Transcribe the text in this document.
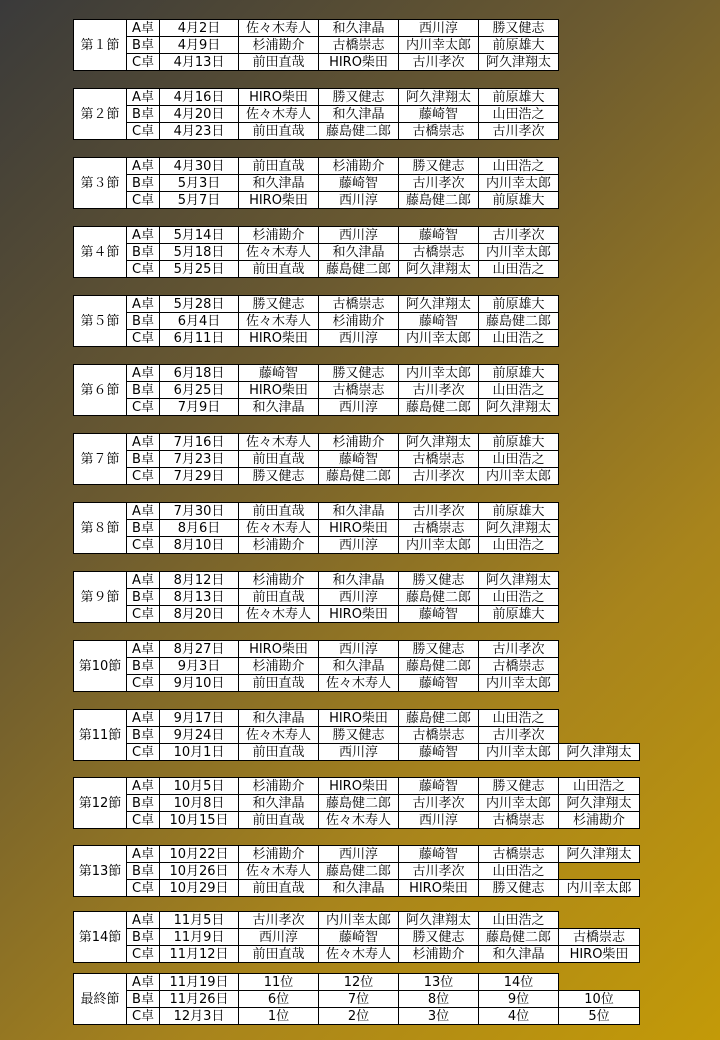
第１節
A卓	4月2日	佐々木寿人	和久津晶	西川淳	勝又健志
B卓	4月9日	杉浦勘介	古橋崇志	内川幸太郎	前原雄大
C卓	4月13日	前田直哉	HIRO柴田	古川孝次	阿久津翔太
第２節
A卓	4月16日	HIRO柴田	勝又健志	阿久津翔太	前原雄大
B卓	4月20日	佐々木寿人	和久津晶	藤崎智	山田浩之
C卓	4月23日	前田直哉	藤島健二郎	古橋崇志	古川孝次
第３節
A卓	4月30日	前田直哉	杉浦勘介	勝又健志	山田浩之
B卓	5月3日	和久津晶	藤崎智	古川孝次	内川幸太郎
C卓	5月7日	HIRO柴田	西川淳	藤島健二郎	前原雄大
第４節
A卓	5月14日	杉浦勘介	西川淳	藤崎智	古川孝次
B卓	5月18日	佐々木寿人	和久津晶	古橋崇志	内川幸太郎
C卓	5月25日	前田直哉	藤島健二郎	阿久津翔太	山田浩之
第５節
A卓	5月28日	勝又健志	古橋崇志	阿久津翔太	前原雄大
B卓	6月4日	佐々木寿人	杉浦勘介	藤崎智	藤島健二郎
C卓	6月11日	HIRO柴田	西川淳	内川幸太郎	山田浩之
第６節
A卓	6月18日	藤崎智	勝又健志	内川幸太郎	前原雄大
B卓	6月25日	HIRO柴田	古橋崇志	古川孝次	山田浩之
C卓	7月9日	和久津晶	西川淳	藤島健二郎	阿久津翔太
第７節
A卓	7月16日	佐々木寿人	杉浦勘介	阿久津翔太	前原雄大
B卓	7月23日	前田直哉	藤崎智	古橋崇志	山田浩之
C卓	7月29日	勝又健志	藤島健二郎	古川孝次	内川幸太郎
第８節
A卓	7月30日	前田直哉	和久津晶	古川孝次	前原雄大
B卓	8月6日	佐々木寿人	HIRO柴田	古橋崇志	阿久津翔太
C卓	8月10日	杉浦勘介	西川淳	内川幸太郎	山田浩之
第９節
A卓	8月12日	杉浦勘介	和久津晶	勝又健志	阿久津翔太
B卓	8月13日	前田直哉	西川淳	藤島健二郎	山田浩之
C卓	8月20日	佐々木寿人	HIRO柴田	藤崎智	前原雄大
第10節
A卓	8月27日	HIRO柴田	西川淳	勝又健志	古川孝次
B卓	9月3日	杉浦勘介	和久津晶	藤島健二郎	古橋崇志
C卓	9月10日	前田直哉	佐々木寿人	藤崎智	内川幸太郎
第11節
A卓	9月17日	和久津晶	HIRO柴田	藤島健二郎	山田浩之
B卓	9月24日	佐々木寿人	勝又健志	古橋崇志	古川孝次
C卓	10月1日	前田直哉	西川淳	藤崎智	内川幸太郎	阿久津翔太
第12節
A卓	10月5日	杉浦勘介	HIRO柴田	藤崎智	勝又健志	山田浩之
B卓	10月8日	和久津晶	藤島健二郎	古川孝次	内川幸太郎	阿久津翔太
C卓	10月15日	前田直哉	佐々木寿人	西川淳	古橋崇志	杉浦勘介
第13節
A卓	10月22日	杉浦勘介	西川淳	藤崎智	古橋崇志	阿久津翔太
B卓	10月26日	佐々木寿人	藤島健二郎	古川孝次	山田浩之
C卓	10月29日	前田直哉	和久津晶	HIRO柴田	勝又健志	内川幸太郎
第14節
A卓	11月5日	古川孝次	内川幸太郎	阿久津翔太	山田浩之
B卓	11月9日	西川淳	藤崎智	勝又健志	藤島健二郎	古橋崇志
C卓	11月12日	前田直哉	佐々木寿人	杉浦勘介	和久津晶	HIRO柴田
最終節
A卓	11月19日	11位	12位	13位	14位
B卓	11月26日	6位	7位	8位	9位	10位
C卓	12月3日	1位	2位	3位	4位	5位
